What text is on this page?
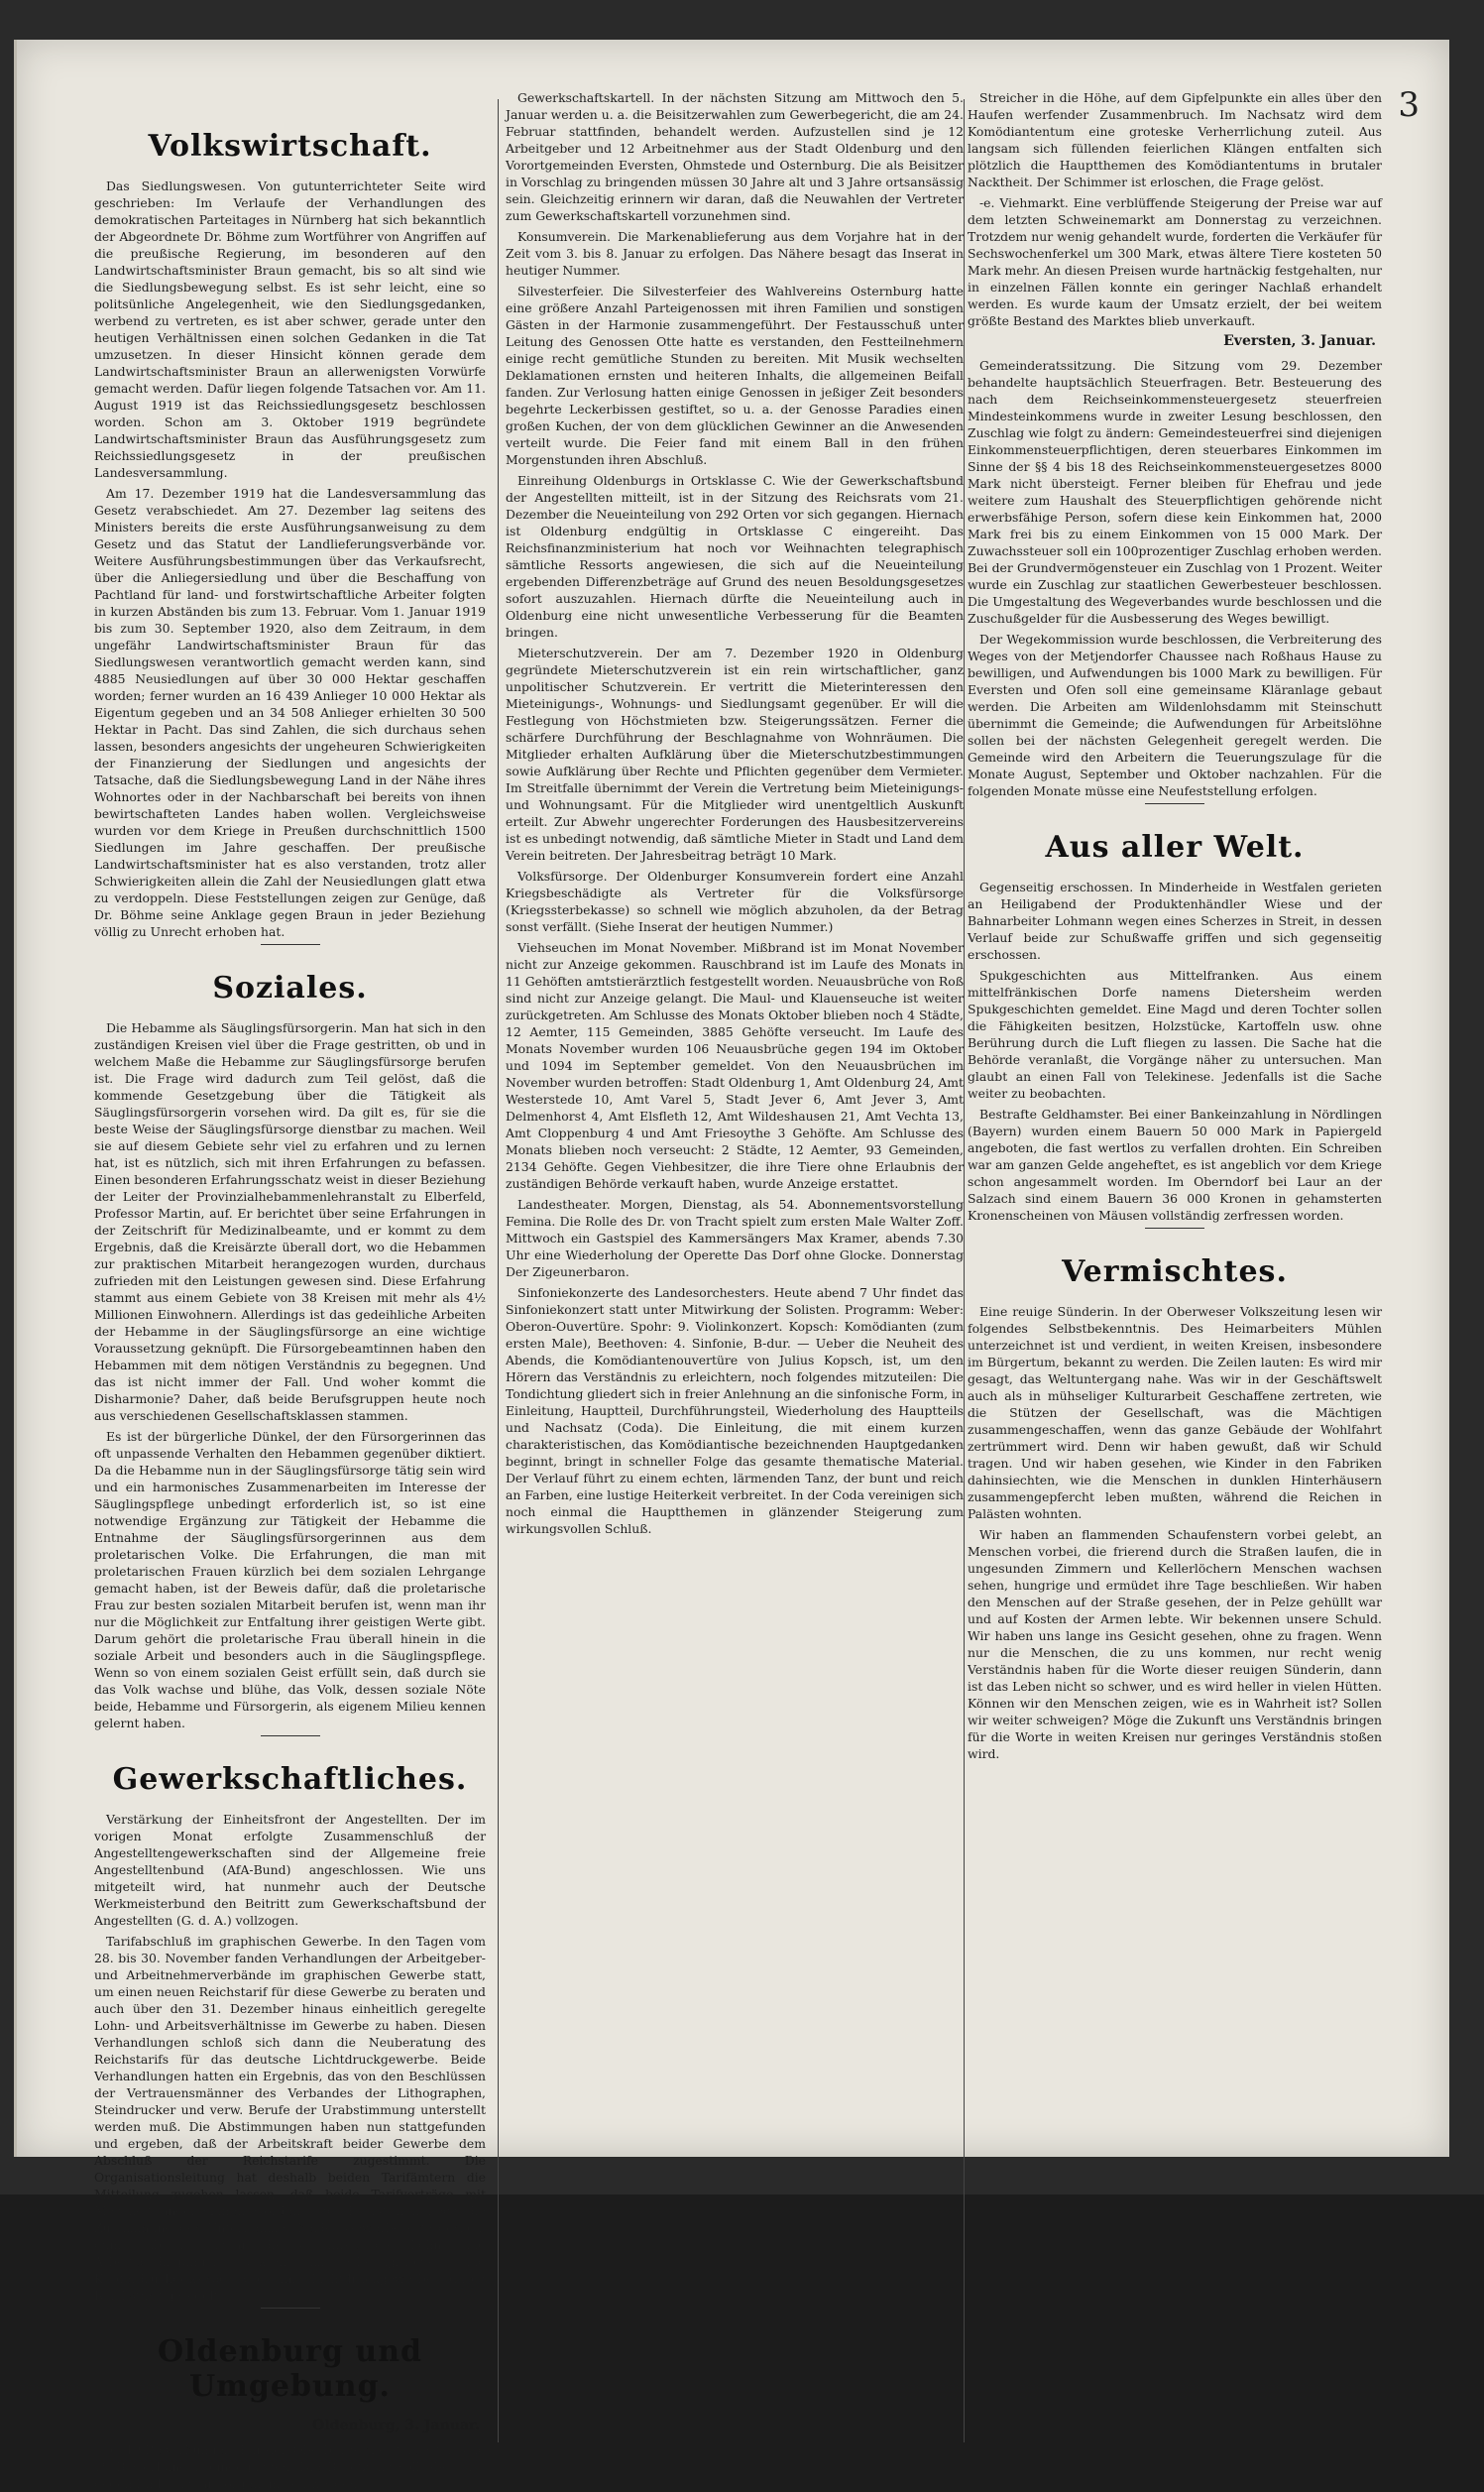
3
Volkswirtschaft.

Das Siedlungswesen. Von gutunterrichteter Seite wird geschrieben: Im Verlaufe der Verhandlungen des demokratischen Parteitages in Nürnberg hat sich bekanntlich der Abgeordnete Dr. Böhme zum Wortführer von Angriffen auf die preußische Regierung, im besonderen auf den Landwirtschaftsminister Braun gemacht, bis so alt sind wie die Siedlungsbewegung selbst. Es ist sehr leicht, eine so politsünliche Angelegenheit, wie den Siedlungsgedanken, werbend zu vertreten, es ist aber schwer, gerade unter den heutigen Verhältnissen einen solchen Gedanken in die Tat umzusetzen. In dieser Hinsicht können gerade dem Landwirtschaftsminister Braun an allerwenigsten Vorwürfe gemacht werden. Dafür liegen folgende Tatsachen vor. Am 11. August 1919 ist das Reichssiedlungsgesetz beschlossen worden. Schon am 3. Oktober 1919 begründete Landwirtschaftsminister Braun das Ausführungsgesetz zum Reichssiedlungsgesetz in der preußischen Landesversammlung.

Am 17. Dezember 1919 hat die Landesversammlung das Gesetz verabschiedet. Am 27. Dezember lag seitens des Ministers bereits die erste Ausführungsanweisung zu dem Gesetz und das Statut der Landlieferungsverbände vor. Weitere Ausführungsbestimmungen über das Verkaufsrecht, über die Anliegersiedlung und über die Beschaffung von Pachtland für land- und forstwirtschaftliche Arbeiter folgten in kurzen Abständen bis zum 13. Februar. Vom 1. Januar 1919 bis zum 30. September 1920, also dem Zeitraum, in dem ungefähr Landwirtschaftsminister Braun für das Siedlungswesen verantwortlich gemacht werden kann, sind 4885 Neusiedlungen auf über 30 000 Hektar geschaffen worden; ferner wurden an 16 439 Anlieger 10 000 Hektar als Eigentum gegeben und an 34 508 Anlieger erhielten 30 500 Hektar in Pacht. Das sind Zahlen, die sich durchaus sehen lassen, besonders angesichts der ungeheuren Schwierigkeiten der Finanzierung der Siedlungen und angesichts der Tatsache, daß die Siedlungsbewegung Land in der Nähe ihres Wohnortes oder in der Nachbarschaft bei bereits von ihnen bewirtschafteten Landes haben wollen. Vergleichsweise wurden vor dem Kriege in Preußen durchschnittlich 1500 Siedlungen im Jahre geschaffen. Der preußische Landwirtschaftsminister hat es also verstanden, trotz aller Schwierigkeiten allein die Zahl der Neusiedlungen glatt etwa zu verdoppeln. Diese Feststellungen zeigen zur Genüge, daß Dr. Böhme seine Anklage gegen Braun in jeder Beziehung völlig zu Unrecht erhoben hat.

Soziales.

Die Hebamme als Säuglingsfürsorgerin. Man hat sich in den zuständigen Kreisen viel über die Frage gestritten, ob und in welchem Maße die Hebamme zur Säuglingsfürsorge berufen ist. Die Frage wird dadurch zum Teil gelöst, daß die kommende Gesetzgebung über die Tätigkeit als Säuglingsfürsorgerin vorsehen wird. Da gilt es, für sie die beste Weise der Säuglingsfürsorge dienstbar zu machen. Weil sie auf diesem Gebiete sehr viel zu erfahren und zu lernen hat, ist es nützlich, sich mit ihren Erfahrungen zu befassen. Einen besonderen Erfahrungsschatz weist in dieser Beziehung der Leiter der Provinzialhebammenlehranstalt zu Elberfeld, Professor Martin, auf. Er berichtet über seine Erfahrungen in der Zeitschrift für Medizinalbeamte, und er kommt zu dem Ergebnis, daß die Kreisärzte überall dort, wo die Hebammen zur praktischen Mitarbeit herangezogen wurden, durchaus zufrieden mit den Leistungen gewesen sind. Diese Erfahrung stammt aus einem Gebiete von 38 Kreisen mit mehr als 4½ Millionen Einwohnern. Allerdings ist das gedeihliche Arbeiten der Hebamme in der Säuglingsfürsorge an eine wichtige Voraussetzung geknüpft. Die Fürsorgebeamtinnen haben den Hebammen mit dem nötigen Verständnis zu begegnen. Und das ist nicht immer der Fall. Und woher kommt die Disharmonie? Daher, daß beide Berufsgruppen heute noch aus verschiedenen Gesellschaftsklassen stammen.

Es ist der bürgerliche Dünkel, der den Fürsorgerinnen das oft unpassende Verhalten den Hebammen gegenüber diktiert. Da die Hebamme nun in der Säuglingsfürsorge tätig sein wird und ein harmonisches Zusammenarbeiten im Interesse der Säuglingspflege unbedingt erforderlich ist, so ist eine notwendige Ergänzung zur Tätigkeit der Hebamme die Entnahme der Säuglingsfürsorgerinnen aus dem proletarischen Volke. Die Erfahrungen, die man mit proletarischen Frauen kürzlich bei dem sozialen Lehrgange gemacht haben, ist der Beweis dafür, daß die proletarische Frau zur besten sozialen Mitarbeit berufen ist, wenn man ihr nur die Möglichkeit zur Entfaltung ihrer geistigen Werte gibt. Darum gehört die proletarische Frau überall hinein in die soziale Arbeit und besonders auch in die Säuglingspflege. Wenn so von einem sozialen Geist erfüllt sein, daß durch sie das Volk wachse und blühe, das Volk, dessen soziale Nöte beide, Hebamme und Fürsorgerin, als eigenem Milieu kennen gelernt haben.

Gewerkschaftliches.

Verstärkung der Einheitsfront der Angestellten. Der im vorigen Monat erfolgte Zusammenschluß der Angestelltengewerkschaften sind der Allgemeine freie Angestelltenbund (AfA-Bund) angeschlossen. Wie uns mitgeteilt wird, hat nunmehr auch der Deutsche Werkmeisterbund den Beitritt zum Gewerkschaftsbund der Angestellten (G. d. A.) vollzogen.

Tarifabschluß im graphischen Gewerbe. In den Tagen vom 28. bis 30. November fanden Verhandlungen der Arbeitgeber- und Arbeitnehmerverbände im graphischen Gewerbe statt, um einen neuen Reichstarif für diese Gewerbe zu beraten und auch über den 31. Dezember hinaus einheitlich geregelte Lohn- und Arbeitsverhältnisse im Gewerbe zu haben. Diesen Verhandlungen schloß sich dann die Neuberatung des Reichstarifs für das deutsche Lichtdruckgewerbe. Beide Verhandlungen hatten ein Ergebnis, das von den Beschlüssen der Vertrauensmänner des Verbandes der Lithographen, Steindrucker und verw. Berufe der Urabstimmung unterstellt werden muß. Die Abstimmungen haben nun stattgefunden und ergeben, daß der Arbeitskraft beider Gewerbe dem Abschluß der Reichstarife zugestimmt. Die Organisationsleitung hat deshalb beiden Tarifämtern die Mitteilung zugehen lassen, daß beide Tarifverträge mit Mehrheit angenommen worden sind. Es ist nun noch die Zustimmung der Unternehmer beider Gewerbe erforderlich, damit ab 1. Januar dieses Jahres die Lohn- und Arbeitsbedingungen sowohl im Chemigraphie- und Kupferdruckgewerbe wie im Lichtdruckgewerbe durch Reichstarif geregelt.

Oldenburg und Umgebung.
Oldenburg, 3. Januar.

-e. 19 Bewerbungen. Für den Oberbürgermeisterposten sind 19 Bewerbungen eingegangen. Die Besetzung soll aber erst gegen Ende Januar vorgenommen werden.

Gewerkschaftskartell. In der nächsten Sitzung am Mittwoch den 5. Januar werden u. a. die Beisitzerwahlen zum Gewerbegericht, die am 24. Februar stattfinden, behandelt werden. Aufzustellen sind je 12 Arbeitgeber und 12 Arbeitnehmer aus der Stadt Oldenburg und den Vorortgemeinden Eversten, Ohmstede und Osternburg. Die als Beisitzer in Vorschlag zu bringenden müssen 30 Jahre alt und 3 Jahre ortsansässig sein. Gleichzeitig erinnern wir daran, daß die Neuwahlen der Vertreter zum Gewerkschaftskartell vorzunehmen sind.

Konsumverein. Die Markenablieferung aus dem Vorjahre hat in der Zeit vom 3. bis 8. Januar zu erfolgen. Das Nähere besagt das Inserat in heutiger Nummer.

Silvesterfeier. Die Silvesterfeier des Wahlvereins Osternburg hatte eine größere Anzahl Parteigenossen mit ihren Familien und sonstigen Gästen in der Harmonie zusammengeführt. Der Festausschuß unter Leitung des Genossen Otte hatte es verstanden, den Festteilnehmern einige recht gemütliche Stunden zu bereiten. Mit Musik wechselten Deklamationen ernsten und heiteren Inhalts, die allgemeinen Beifall fanden. Zur Verlosung hatten einige Genossen in jeßiger Zeit besonders begehrte Leckerbissen gestiftet, so u. a. der Genosse Paradies einen großen Kuchen, der von dem glücklichen Gewinner an die Anwesenden verteilt wurde. Die Feier fand mit einem Ball in den frühen Morgenstunden ihren Abschluß.

Einreihung Oldenburgs in Ortsklasse C. Wie der Gewerkschaftsbund der Angestellten mitteilt, ist in der Sitzung des Reichsrats vom 21. Dezember die Neueinteilung von 292 Orten vor sich gegangen. Hiernach ist Oldenburg endgültig in Ortsklasse C eingereiht. Das Reichsfinanzministerium hat noch vor Weihnachten telegraphisch sämtliche Ressorts angewiesen, die sich auf die Neueinteilung ergebenden Differenzbeträge auf Grund des neuen Besoldungsgesetzes sofort auszuzahlen. Hiernach dürfte die Neueinteilung auch in Oldenburg eine nicht unwesentliche Verbesserung für die Beamten bringen.

Mieterschutzverein. Der am 7. Dezember 1920 in Oldenburg gegründete Mieterschutzverein ist ein rein wirtschaftlicher, ganz unpolitischer Schutzverein. Er vertritt die Mieterinteressen den Mieteinigungs-, Wohnungs- und Siedlungsamt gegenüber. Er will die Festlegung von Höchstmieten bzw. Steigerungssätzen. Ferner die schärfere Durchführung der Beschlagnahme von Wohnräumen. Die Mitglieder erhalten Aufklärung über die Mieterschutzbestimmungen sowie Aufklärung über Rechte und Pflichten gegenüber dem Vermieter. Im Streitfalle übernimmt der Verein die Vertretung beim Mieteinigungs- und Wohnungsamt. Für die Mitglieder wird unentgeltlich Auskunft erteilt. Zur Abwehr ungerechter Forderungen des Hausbesitzervereins ist es unbedingt notwendig, daß sämtliche Mieter in Stadt und Land dem Verein beitreten. Der Jahresbeitrag beträgt 10 Mark.

Volksfürsorge. Der Oldenburger Konsumverein fordert eine Anzahl Kriegsbeschädigte als Vertreter für die Volksfürsorge (Kriegssterbekasse) so schnell wie möglich abzuholen, da der Betrag sonst verfällt. (Siehe Inserat der heutigen Nummer.)

Viehseuchen im Monat November. Mißbrand ist im Monat November nicht zur Anzeige gekommen. Rauschbrand ist im Laufe des Monats in 11 Gehöften amtstierärztlich festgestellt worden. Neuausbrüche von Roß sind nicht zur Anzeige gelangt. Die Maul- und Klauenseuche ist weiter zurückgetreten. Am Schlusse des Monats Oktober blieben noch 4 Städte, 12 Aemter, 115 Gemeinden, 3885 Gehöfte verseucht. Im Laufe des Monats November wurden 106 Neuausbrüche gegen 194 im Oktober und 1094 im September gemeldet. Von den Neuausbrüchen im November wurden betroffen: Stadt Oldenburg 1, Amt Oldenburg 24, Amt Westerstede 10, Amt Varel 5, Stadt Jever 6, Amt Jever 3, Amt Delmenhorst 4, Amt Elsfleth 12, Amt Wildeshausen 21, Amt Vechta 13, Amt Cloppenburg 4 und Amt Friesoythe 3 Gehöfte. Am Schlusse des Monats blieben noch verseucht: 2 Städte, 12 Aemter, 93 Gemeinden, 2134 Gehöfte. Gegen Viehbesitzer, die ihre Tiere ohne Erlaubnis der zuständigen Behörde verkauft haben, wurde Anzeige erstattet.

Landestheater. Morgen, Dienstag, als 54. Abonnementsvorstellung Femina. Die Rolle des Dr. von Tracht spielt zum ersten Male Walter Zoff. Mittwoch ein Gastspiel des Kammersängers Max Kramer, abends 7.30 Uhr eine Wiederholung der Operette Das Dorf ohne Glocke. Donnerstag Der Zigeunerbaron.

Sinfoniekonzerte des Landesorchesters. Heute abend 7 Uhr findet das Sinfoniekonzert statt unter Mitwirkung der Solisten. Programm: Weber: Oberon-Ouvertüre. Spohr: 9. Violinkonzert. Kopsch: Komödianten (zum ersten Male), Beethoven: 4. Sinfonie, B-dur. — Ueber die Neuheit des Abends, die Komödiantenouvertüre von Julius Kopsch, ist, um den Hörern das Verständnis zu erleichtern, noch folgendes mitzuteilen: Die Tondichtung gliedert sich in freier Anlehnung an die sinfonische Form, in Einleitung, Hauptteil, Durchführungsteil, Wiederholung des Hauptteils und Nachsatz (Coda). Die Einleitung, die mit einem kurzen charakteristischen, das Komödiantische bezeichnenden Hauptgedanken beginnt, bringt in schneller Folge das gesamte thematische Material. Der Verlauf führt zu einem echten, lärmenden Tanz, der bunt und reich an Farben, eine lustige Heiterkeit verbreitet. In der Coda vereinigen sich noch einmal die Hauptthemen in glänzender Steigerung zum wirkungsvollen Schluß.

Streicher in die Höhe, auf dem Gipfelpunkte ein alles über den Haufen werfender Zusammenbruch. Im Nachsatz wird dem Komödiantentum eine groteske Verherrlichung zuteil. Aus langsam sich füllenden feierlichen Klängen entfalten sich plötzlich die Hauptthemen des Komödiantentums in brutaler Nacktheit. Der Schimmer ist erloschen, die Frage gelöst.

-e. Viehmarkt. Eine verblüffende Steigerung der Preise war auf dem letzten Schweinemarkt am Donnerstag zu verzeichnen. Trotzdem nur wenig gehandelt wurde, forderten die Verkäufer für Sechswochenferkel um 300 Mark, etwas ältere Tiere kosteten 50 Mark mehr. An diesen Preisen wurde hartnäckig festgehalten, nur in einzelnen Fällen konnte ein geringer Nachlaß erhandelt werden. Es wurde kaum der Umsatz erzielt, der bei weitem größte Bestand des Marktes blieb unverkauft.

Eversten, 3. Januar.

Gemeinderatssitzung. Die Sitzung vom 29. Dezember behandelte hauptsächlich Steuerfragen. Betr. Besteuerung des nach dem Reichseinkommensteuergesetz steuerfreien Mindesteinkommens wurde in zweiter Lesung beschlossen, den Zuschlag wie folgt zu ändern: Gemeindesteuerfrei sind diejenigen Einkommensteuerpflichtigen, deren steuerbares Einkommen im Sinne der §§ 4 bis 18 des Reichseinkommensteuergesetzes 8000 Mark nicht übersteigt. Ferner bleiben für Ehefrau und jede weitere zum Haushalt des Steuerpflichtigen gehörende nicht erwerbsfähige Person, sofern diese kein Einkommen hat, 2000 Mark frei bis zu einem Einkommen von 15 000 Mark. Der Zuwachssteuer soll ein 100prozentiger Zuschlag erhoben werden. Bei der Grundvermögensteuer ein Zuschlag von 1 Prozent. Weiter wurde ein Zuschlag zur staatlichen Gewerbesteuer beschlossen. Die Umgestaltung des Wegeverbandes wurde beschlossen und die Zuschußgelder für die Ausbesserung des Weges bewilligt.

Der Wegekommission wurde beschlossen, die Verbreiterung des Weges von der Metjendorfer Chaussee nach Roßhaus Hause zu bewilligen, und Aufwendungen bis 1000 Mark zu bewilligen. Für Eversten und Ofen soll eine gemeinsame Kläranlage gebaut werden. Die Arbeiten am Wildenlohsdamm mit Steinschutt übernimmt die Gemeinde; die Aufwendungen für Arbeitslöhne sollen bei der nächsten Gelegenheit geregelt werden. Die Gemeinde wird den Arbeitern die Teuerungszulage für die Monate August, September und Oktober nachzahlen. Für die folgenden Monate müsse eine Neufeststellung erfolgen.

Aus aller Welt.

Gegenseitig erschossen. In Minderheide in Westfalen gerieten an Heiligabend der Produktenhändler Wiese und der Bahnarbeiter Lohmann wegen eines Scherzes in Streit, in dessen Verlauf beide zur Schußwaffe griffen und sich gegenseitig erschossen.

Spukgeschichten aus Mittelfranken. Aus einem mittelfränkischen Dorfe namens Dietersheim werden Spukgeschichten gemeldet. Eine Magd und deren Tochter sollen die Fähigkeiten besitzen, Holzstücke, Kartoffeln usw. ohne Berührung durch die Luft fliegen zu lassen. Die Sache hat die Behörde veranlaßt, die Vorgänge näher zu untersuchen. Man glaubt an einen Fall von Telekinese. Jedenfalls ist die Sache weiter zu beobachten.

Bestrafte Geldhamster. Bei einer Bankeinzahlung in Nördlingen (Bayern) wurden einem Bauern 50 000 Mark in Papiergeld angeboten, die fast wertlos zu verfallen drohten. Ein Schreiben war am ganzen Gelde angeheftet, es ist angeblich vor dem Kriege schon angesammelt worden. Im Oberndorf bei Laur an der Salzach sind einem Bauern 36 000 Kronen in gehamsterten Kronenscheinen von Mäusen vollständig zerfressen worden.

Vermischtes.

Eine reuige Sünderin. In der Oberweser Volkszeitung lesen wir folgendes Selbstbekenntnis. Des Heimarbeiters Mühlen unterzeichnet ist und verdient, in weiten Kreisen, insbesondere im Bürgertum, bekannt zu werden. Die Zeilen lauten: Es wird mir gesagt, das Weltuntergang nahe. Was wir in der Geschäftswelt auch als in mühseliger Kulturarbeit Geschaffene zertreten, wie die Stützen der Gesellschaft, was die Mächtigen zusammengeschaffen, wenn das ganze Gebäude der Wohlfahrt zertrümmert wird. Denn wir haben gewußt, daß wir Schuld tragen. Und wir haben gesehen, wie Kinder in den Fabriken dahinsiechten, wie die Menschen in dunklen Hinterhäusern zusammengepfercht leben mußten, während die Reichen in Palästen wohnten.

Wir haben an flammenden Schaufenstern vorbei gelebt, an Menschen vorbei, die frierend durch die Straßen laufen, die in ungesunden Zimmern und Kellerlöchern Menschen wachsen sehen, hungrige und ermüdet ihre Tage beschließen. Wir haben den Menschen auf der Straße gesehen, der in Pelze gehüllt war und auf Kosten der Armen lebte. Wir bekennen unsere Schuld. Wir haben uns lange ins Gesicht gesehen, ohne zu fragen. Wenn nur die Menschen, die zu uns kommen, nur recht wenig Verständnis haben für die Worte dieser reuigen Sünderin, dann ist das Leben nicht so schwer, und es wird heller in vielen Hütten. Können wir den Menschen zeigen, wie es in Wahrheit ist? Sollen wir weiter schweigen? Möge die Zukunft uns Verständnis bringen für die Worte in weiten Kreisen nur geringes Verständnis stoßen wird.
